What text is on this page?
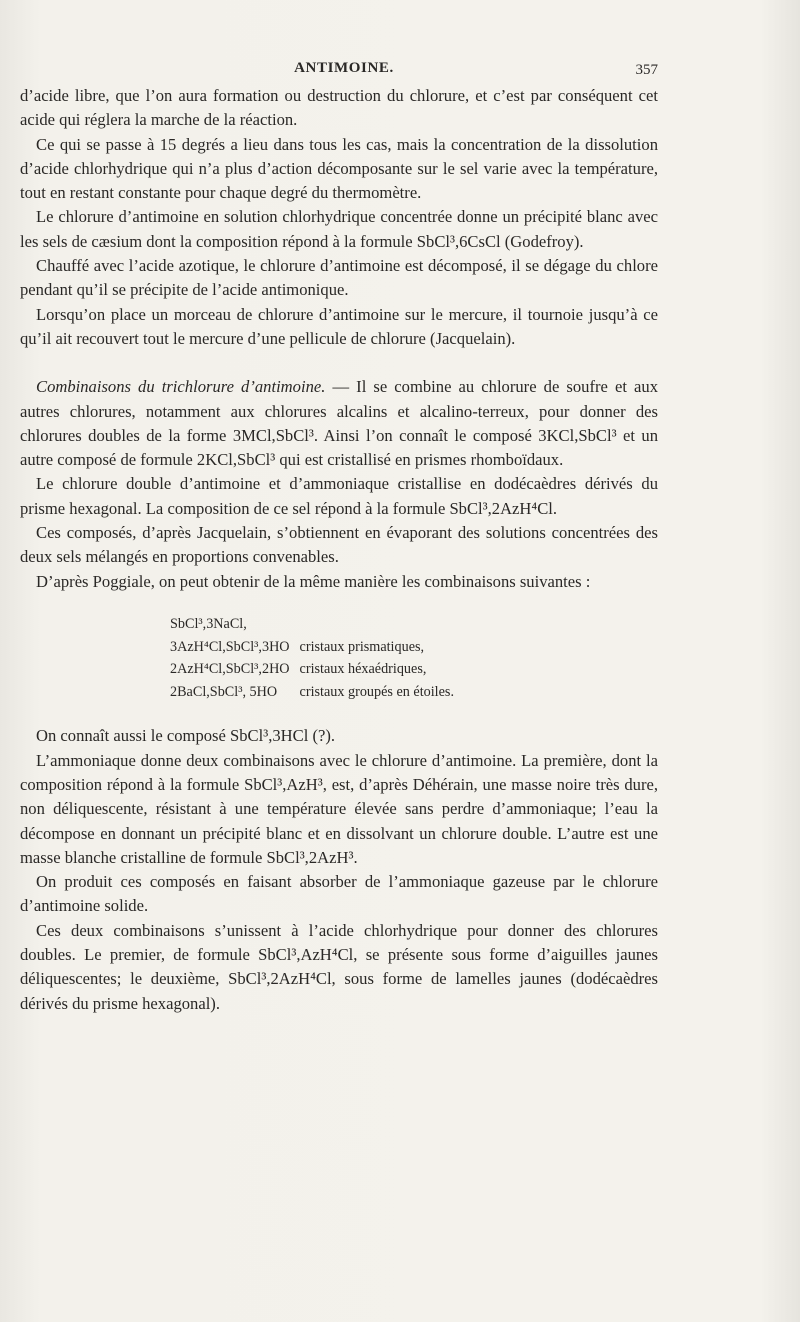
ANTIMOINE.	357

d’acide libre, que l’on aura formation ou destruction du chlorure, et c’est par conséquent cet acide qui réglera la marche de la réaction.

Ce qui se passe à 15 degrés a lieu dans tous les cas, mais la concentration de la dissolution d’acide chlorhydrique qui n’a plus d’action décomposante sur le sel varie avec la température, tout en restant constante pour chaque degré du thermomètre.

Le chlorure d’antimoine en solution chlorhydrique concentrée donne un précipité blanc avec les sels de cæsium dont la composition répond à la formule SbCl³,6CsCl (Godefroy).

Chauffé avec l’acide azotique, le chlorure d’antimoine est décomposé, il se dégage du chlore pendant qu’il se précipite de l’acide antimonique.

Lorsqu’on place un morceau de chlorure d’antimoine sur le mercure, il tournoie jusqu’à ce qu’il ait recouvert tout le mercure d’une pellicule de chlorure (Jacquelain).

Combinaisons du trichlorure d’antimoine. — Il se combine au chlorure de soufre et aux autres chlorures, notamment aux chlorures alcalins et alcalino-terreux, pour donner des chlorures doubles de la forme 3MCl,SbCl³. Ainsi l’on connaît le composé 3KCl,SbCl³ et un autre composé de formule 2KCl,SbCl³ qui est cristallisé en prismes rhomboïdaux.

Le chlorure double d’antimoine et d’ammoniaque cristallise en dodécaèdres dérivés du prisme hexagonal. La composition de ce sel répond à la formule SbCl³,2AzH⁴Cl.

Ces composés, d’après Jacquelain, s’obtiennent en évaporant des solutions concentrées des deux sels mélangés en proportions convenables.

D’après Poggiale, on peut obtenir de la même manière les combinaisons suivantes :

SbCl³,3NaCl,
3AzH⁴Cl,SbCl³,3HO cristaux prismatiques,
2AzH⁴Cl,SbCl³,2HO cristaux héxaédriques,
2BaCl,SbCl³, 5HO cristaux groupés en étoiles.

On connaît aussi le composé SbCl³,3HCl (?).

L’ammoniaque donne deux combinaisons avec le chlorure d’antimoine. La première, dont la composition répond à la formule SbCl³,AzH³, est, d’après Déhérain, une masse noire très dure, non déliquescente, résistant à une température élevée sans perdre d’ammoniaque; l’eau la décompose en donnant un précipité blanc et en dissolvant un chlorure double. L’autre est une masse blanche cristalline de formule SbCl³,2AzH³.

On produit ces composés en faisant absorber de l’ammoniaque gazeuse par le chlorure d’antimoine solide.

Ces deux combinaisons s’unissent à l’acide chlorhydrique pour donner des chlorures doubles. Le premier, de formule SbCl³,AzH⁴Cl, se présente sous forme d’aiguilles jaunes déliquescentes; le deuxième, SbCl³,2AzH⁴Cl, sous forme de lamelles jaunes (dodécaèdres dérivés du prisme hexagonal).
